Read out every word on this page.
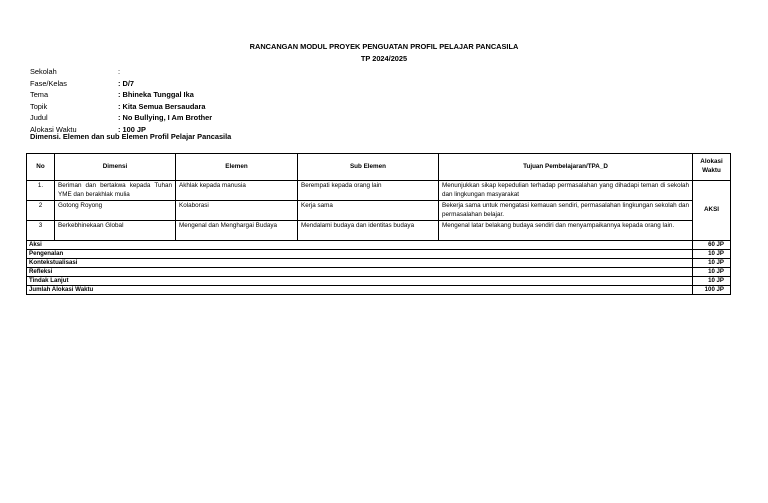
RANCANGAN MODUL PROYEK PENGUATAN PROFIL PELAJAR PANCASILA
TP 2024/2025
Sekolah	:
Fase/Kelas	: D/7
Tema	: Bhineka Tunggal Ika
Topik	: Kita Semua Bersaudara
Judul	: No Bullying, I Am Brother
Alokasi Waktu	: 100 JP
Dimensi. Elemen dan sub Elemen Profil Pelajar Pancasila
No	Dimensi	Elemen	Sub Elemen	Tujuan Pembelajaran/TPA_D	Alokasi Waktu
1.	Beriman dan bertakwa kepada Tuhan YME dan berakhlak mulia	Akhlak kepada manusia	Berempati kepada orang lain	Menunjukkan sikap kepedulian terhadap permasalahan yang dihadapi teman di sekolah dan lingkungan masyarakat	AKSI
2	Gotong Royong	Kolaborasi	Kerja sama	Bekerja sama untuk mengatasi kemauan sendiri, permasalahan lingkungan sekolah dan permasalahan belajar.	
3	Berkebhinekaan Global	Mengenal dan Menghargai Budaya	Mendalami budaya dan identitas budaya	Mengenal latar belakang budaya sendiri dan menyampaikannya kepada orang lain.	
Aksi					60 JP
Pengenalan					10 JP
Kontekstualisasi					10 JP
Refleksi					10 JP
Tindak Lanjut					10 JP
Jumlah Alokasi Waktu					100 JP
